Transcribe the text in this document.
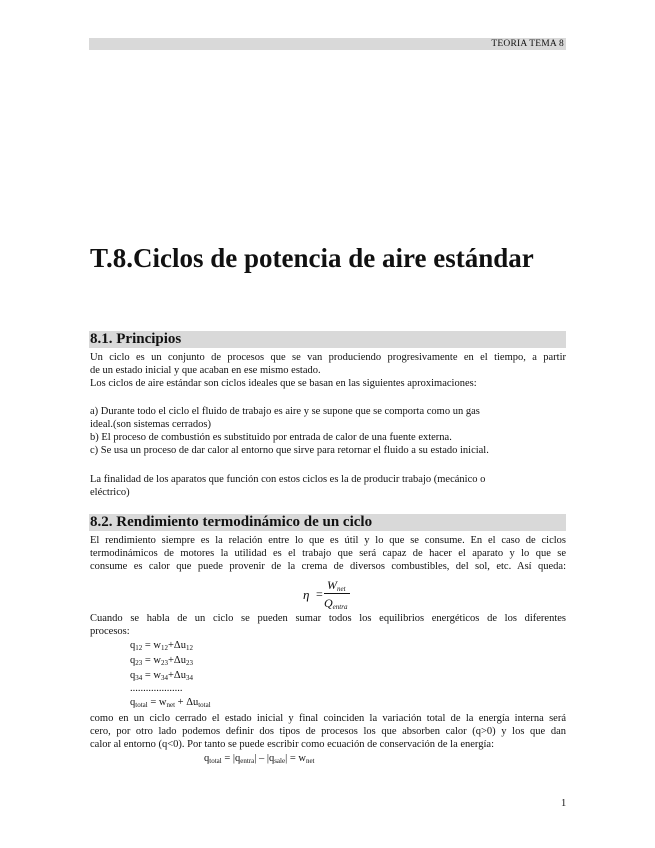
TEORIA TEMA 8
T.8.Ciclos de potencia de aire estándar
8.1. Principios
Un ciclo es un conjunto de procesos que se van produciendo progresivamente en el tiempo, a partir
de un estado inicial y que acaban en ese mismo estado.
Los ciclos de aire estándar son ciclos ideales que se basan en las siguientes aproximaciones:
a) Durante todo el ciclo el fluido de trabajo es aire y se supone que se comporta como un gas
ideal.(son sistemas cerrados)
b) El proceso de combustión es substituido por entrada de calor de una fuente externa.
c) Se usa un proceso de dar calor al entorno que sirve para retornar el fluido a su estado inicial.
La finalidad de los aparatos que función con estos ciclos es la de producir trabajo (mecánico o
eléctrico)
8.2. Rendimiento termodinámico de un ciclo
El rendimiento siempre es la relación entre lo que es útil y lo que se consume. En el caso de ciclos
termodinámicos de motores la utilidad es el trabajo que será capaz de hacer el aparato y lo que se
consume es calor que puede provenir de la crema de diversos combustibles, del sol, etc. Así queda:
η =
$W_{net}$
$Q_{entra}$
Cuando se habla de un ciclo se pueden sumar todos los equilibrios energéticos de los diferentes
procesos:
$q_{12} = w_{12}+\Delta u_{12}$
$q_{23} = w_{23}+\Delta u_{23}$
$q_{34} = w_{34}+\Delta u_{34}$
....................
$q_{total} = w_{net} + \Delta u_{total}$
como en un ciclo cerrado el estado inicial y final coinciden la variación total de la energía interna será
cero, por otro lado podemos definir dos tipos de procesos los que absorben calor (q>0) y los que dan
calor al entorno (q<0). Por tanto se puede escribir como ecuación de conservación de la energía:
$q_{total} = |q_{entra}| - |q_{sale}| = w_{net}$
1
